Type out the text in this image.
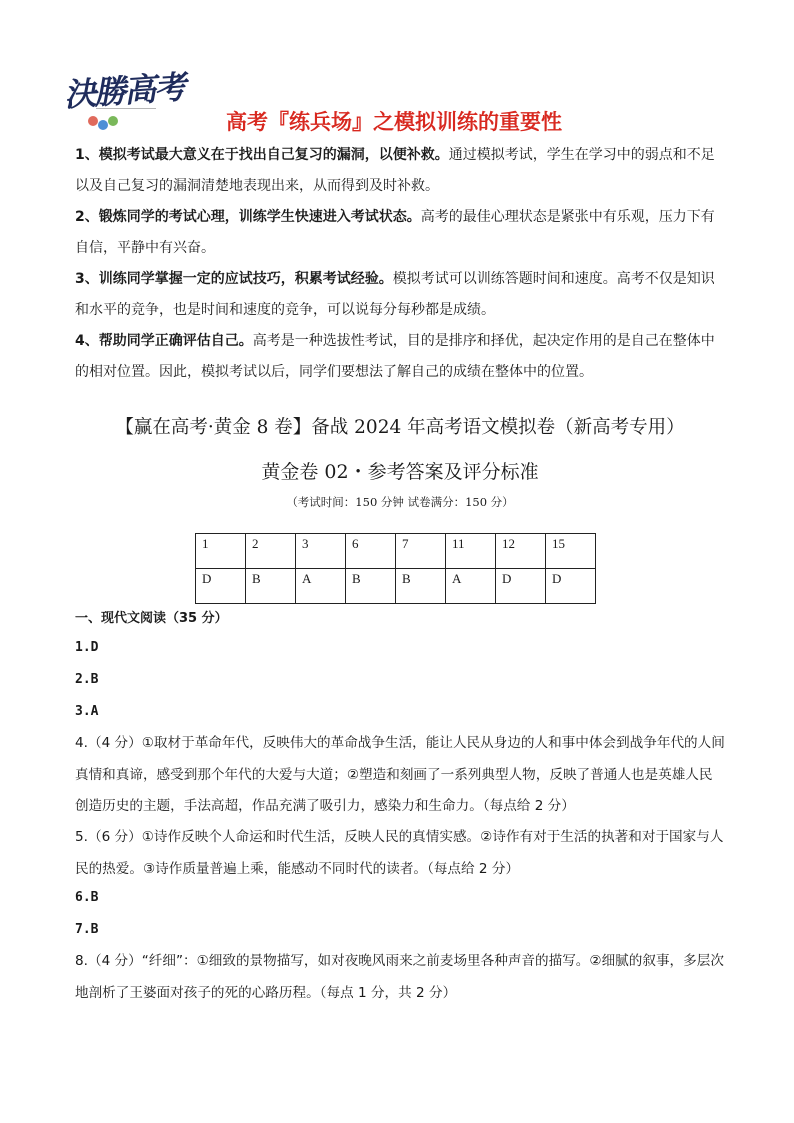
決勝高考
高考『练兵场』之模拟训练的重要性
1、模拟考试最大意义在于找出自己复习的漏洞，以便补救。通过模拟考试，学生在学习中的弱点和不足以及自己复习的漏洞清楚地表现出来，从而得到及时补救。
2、锻炼同学的考试心理，训练学生快速进入考试状态。高考的最佳心理状态是紧张中有乐观，压力下有自信，平静中有兴奋。
3、训练同学掌握一定的应试技巧，积累考试经验。模拟考试可以训练答题时间和速度。高考不仅是知识和水平的竞争，也是时间和速度的竞争，可以说每分每秒都是成绩。
4、帮助同学正确评估自己。高考是一种选拔性考试，目的是排序和择优，起决定作用的是自己在整体中的相对位置。因此，模拟考试以后，同学们要想法了解自己的成绩在整体中的位置。
【赢在高考·黄金 8 卷】备战 2024 年高考语文模拟卷（新高考专用）
黄金卷 02・参考答案及评分标准
（考试时间：150 分钟 试卷满分：150 分）
1	2	3	6	7	11	12	15
D	B	A	B	B	A	D	D
一、现代文阅读（35 分）
1.D
2.B
3.A
4.（4 分）①取材于革命年代，反映伟大的革命战争生活，能让人民从身边的人和事中体会到战争年代的人间真情和真谛，感受到那个年代的大爱与大道；②塑造和刻画了一系列典型人物，反映了普通人也是英雄人民创造历史的主题，手法高超，作品充满了吸引力，感染力和生命力。（每点给 2 分）
5.（6 分）①诗作反映个人命运和时代生活，反映人民的真情实感。②诗作有对于生活的执著和对于国家与人民的热爱。③诗作质量普遍上乘，能感动不同时代的读者。（每点给 2 分）
6.B
7.B
8.（4 分）“纤细”：①细致的景物描写，如对夜晚风雨来之前麦场里各种声音的描写。②细腻的叙事，多层次地剖析了王婆面对孩子的死的心路历程。（每点 1 分，共 2 分）
